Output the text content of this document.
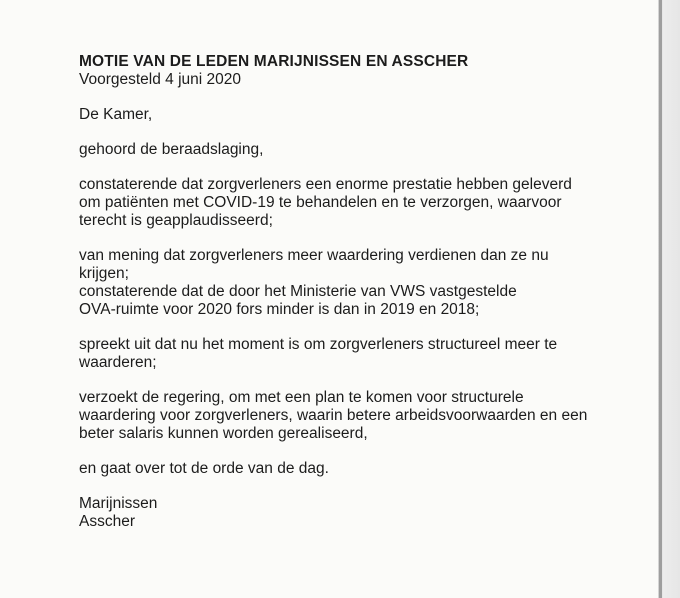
MOTIE VAN DE LEDEN MARIJNISSEN EN ASSCHER

Voorgesteld 4 juni 2020

De Kamer,

gehoord de beraadslaging,

constaterende dat zorgverleners een enorme prestatie hebben geleverd
om patiënten met COVID-19 te behandelen en te verzorgen, waarvoor
terecht is geapplaudisseerd;

van mening dat zorgverleners meer waardering verdienen dan ze nu
krijgen;
constaterende dat de door het Ministerie van VWS vastgestelde
OVA-ruimte voor 2020 fors minder is dan in 2019 en 2018;

spreekt uit dat nu het moment is om zorgverleners structureel meer te
waarderen;

verzoekt de regering, om met een plan te komen voor structurele
waardering voor zorgverleners, waarin betere arbeidsvoorwaarden en een
beter salaris kunnen worden gerealiseerd,

en gaat over tot de orde van de dag.

Marijnissen
Asscher
